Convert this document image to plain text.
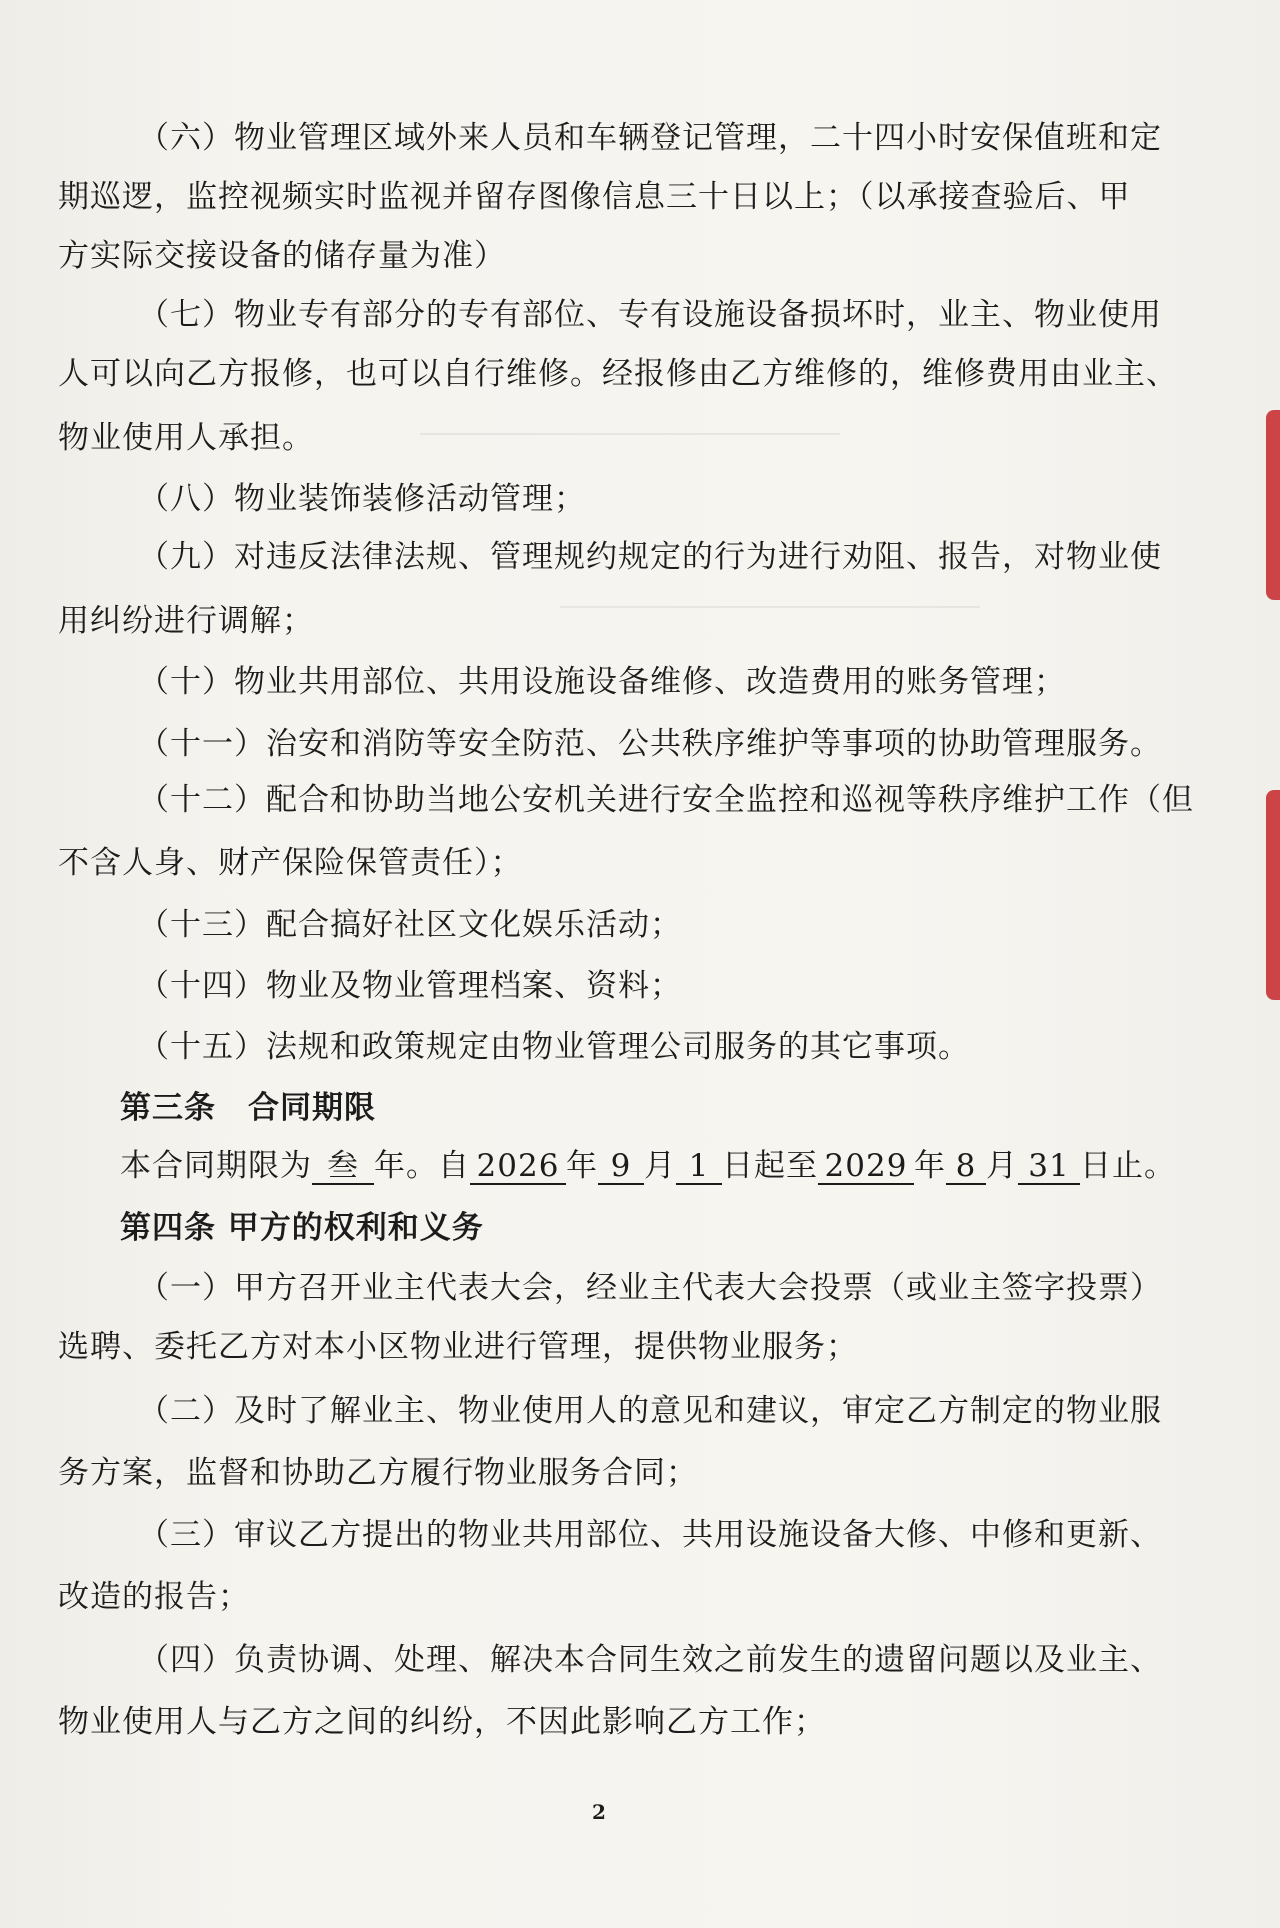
（六）物业管理区域外来人员和车辆登记管理，二十四小时安保值班和定
期巡逻，监控视频实时监视并留存图像信息三十日以上；（以承接查验后、甲
方实际交接设备的储存量为准）
（七）物业专有部分的专有部位、专有设施设备损坏时，业主、物业使用
人可以向乙方报修，也可以自行维修。经报修由乙方维修的，维修费用由业主、
物业使用人承担。
（八）物业装饰装修活动管理；
（九）对违反法律法规、管理规约规定的行为进行劝阻、报告，对物业使
用纠纷进行调解；
（十）物业共用部位、共用设施设备维修、改造费用的账务管理；
（十一）治安和消防等安全防范、公共秩序维护等事项的协助管理服务。
（十二）配合和协助当地公安机关进行安全监控和巡视等秩序维护工作（但
不含人身、财产保险保管责任）；
（十三）配合搞好社区文化娱乐活动；
（十四）物业及物业管理档案、资料；
（十五）法规和政策规定由物业管理公司服务的其它事项。
第三条　合同期限
本合同期限为 叁 年。自 2026 年 9 月 1 日起至 2029 年 8 月 31 日止。
第四条 甲方的权利和义务
（一）甲方召开业主代表大会，经业主代表大会投票（或业主签字投票）
选聘、委托乙方对本小区物业进行管理，提供物业服务；
（二）及时了解业主、物业使用人的意见和建议，审定乙方制定的物业服
务方案，监督和协助乙方履行物业服务合同；
（三）审议乙方提出的物业共用部位、共用设施设备大修、中修和更新、
改造的报告；
（四）负责协调、处理、解决本合同生效之前发生的遗留问题以及业主、
物业使用人与乙方之间的纠纷，不因此影响乙方工作；
2
